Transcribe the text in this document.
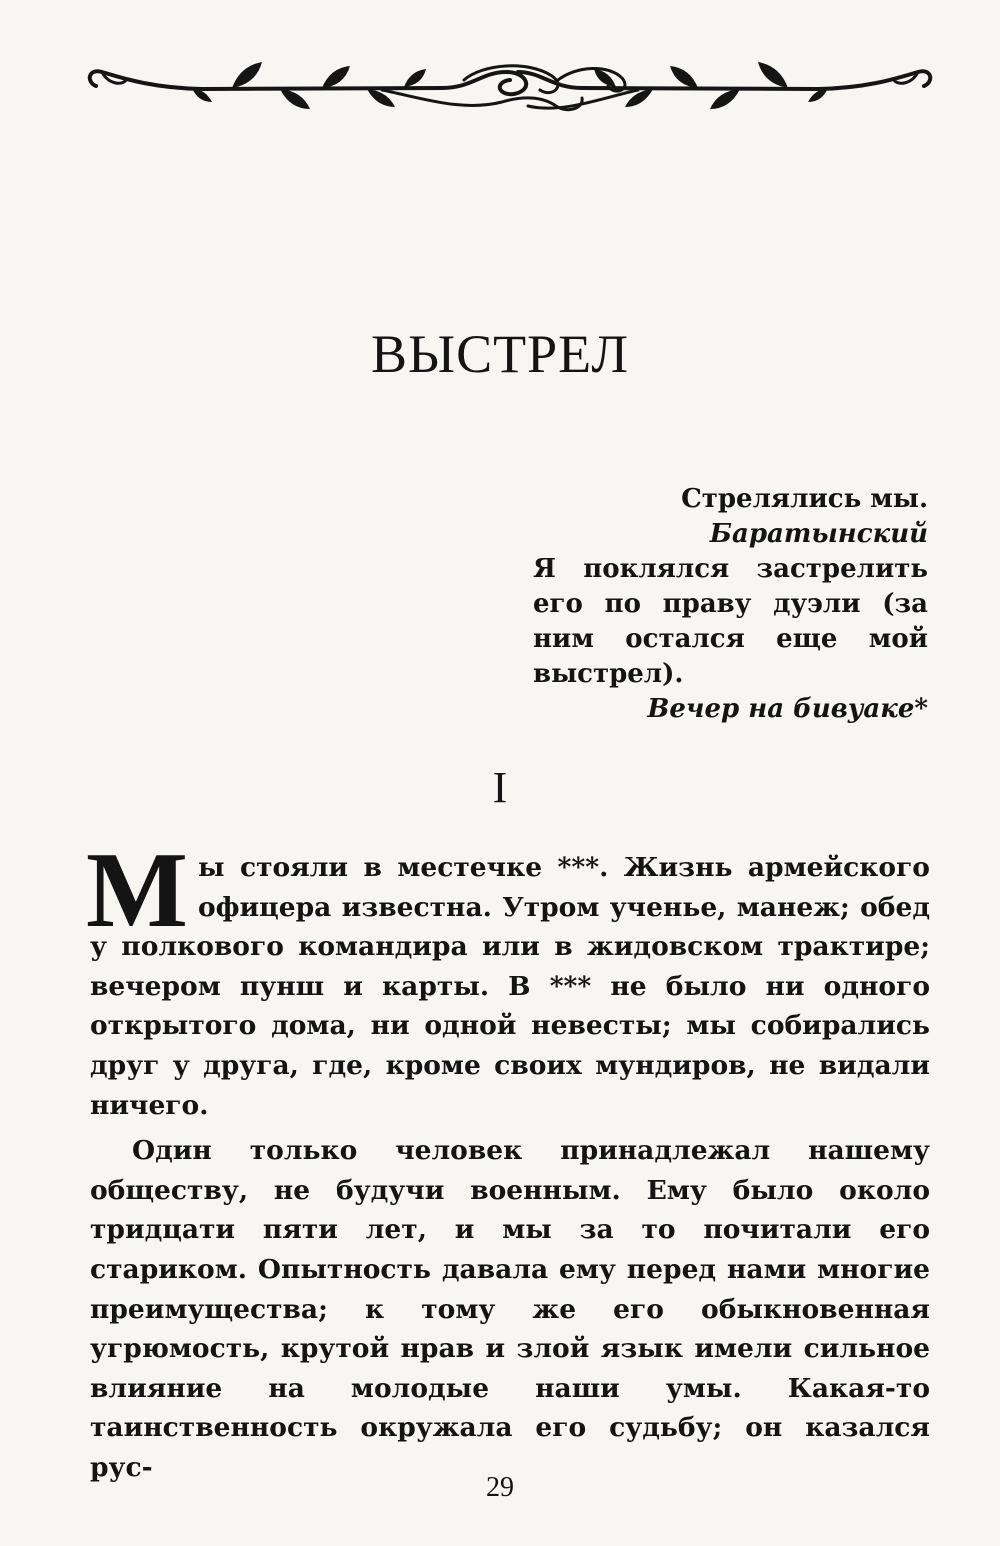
ВЫСТРЕЛ
Стрелялись мы.
Баратынский
Я поклялся застрелить его по праву дуэли (за ним остался еще мой выстрел).
Вечер на бивуаке*
I

Мы стояли в местечке ***. Жизнь армейского офицера известна. Утром ученье, манеж; обед у полкового командира или в жидовском трактире; вечером пунш и карты. В *** не было ни одного открытого дома, ни одной невесты; мы собирались друг у друга, где, кроме своих мундиров, не видали ничего.

Один только человек принадлежал нашему обществу, не будучи военным. Ему было около тридцати пяти лет, и мы за то почитали его стариком. Опытность давала ему перед нами многие преимущества; к тому же его обыкновенная угрюмость, крутой нрав и злой язык имели сильное влияние на молодые наши умы. Какая-то таинственность окружала его судьбу; он казался рус-

29
